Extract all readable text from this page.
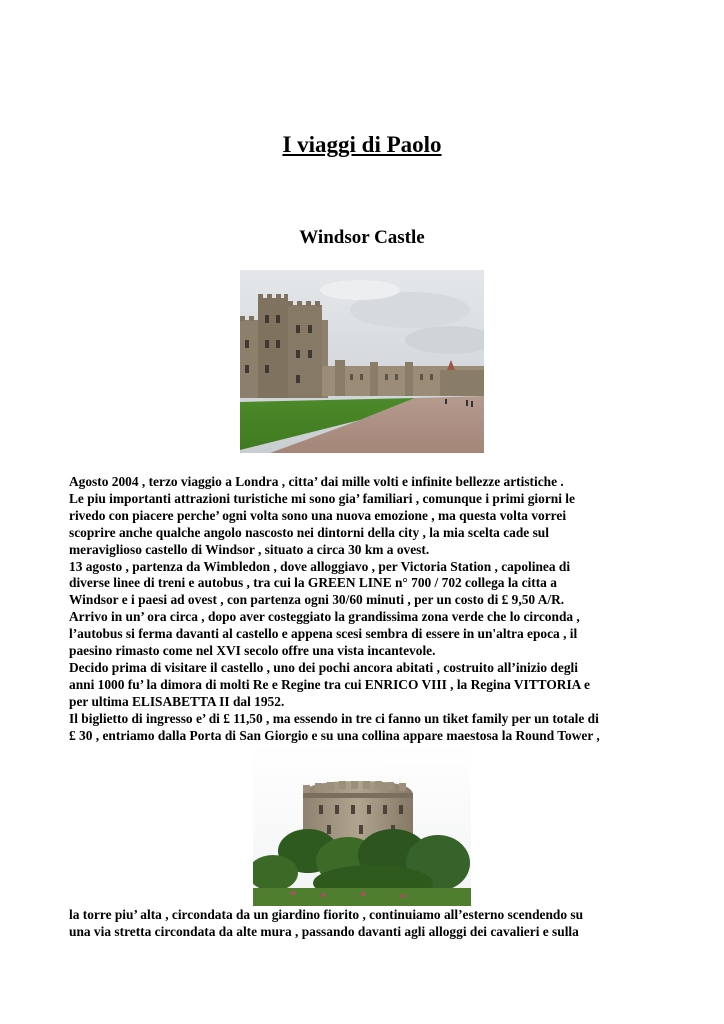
I viaggi di Paolo
Windsor Castle

Agosto 2004 , terzo viaggio a Londra , citta’ dai mille volti e infinite bellezze artistiche .

Le piu importanti attrazioni turistiche mi sono gia’ familiari , comunque i primi giorni le

rivedo con piacere perche’ ogni volta sono una nuova emozione , ma questa volta vorrei

scoprire anche qualche angolo nascosto nei dintorni della city , la mia scelta cade sul

meraviglioso castello di Windsor , situato a circa 30 km a ovest.

13 agosto , partenza da Wimbledon , dove alloggiavo , per Victoria Station , capolinea di

diverse linee di treni e autobus , tra cui la GREEN LINE n° 700 / 702 collega la citta a

Windsor e i paesi ad ovest , con partenza ogni 30/60 minuti , per un costo di £ 9,50 A/R.

Arrivo in un’ ora circa , dopo aver costeggiato la grandissima zona verde che lo circonda ,

l’autobus si ferma davanti al castello e appena scesi sembra di essere in un'altra epoca , il

paesino rimasto come nel XVI secolo offre una vista incantevole.

Decido prima di visitare il castello , uno dei pochi ancora abitati , costruito all’inizio degli

anni 1000 fu’ la dimora di molti Re e Regine tra cui ENRICO VIII , la Regina VITTORIA e

per ultima ELISABETTA II dal 1952.

Il biglietto di ingresso e’ di £ 11,50 , ma essendo in tre ci fanno un tiket family per un totale di

£ 30 , entriamo dalla Porta di San Giorgio e su una collina appare maestosa la Round Tower ,

la torre piu’ alta , circondata da un giardino fiorito , continuiamo all’esterno scendendo su

una via stretta circondata da alte mura , passando davanti agli alloggi dei cavalieri e sulla
